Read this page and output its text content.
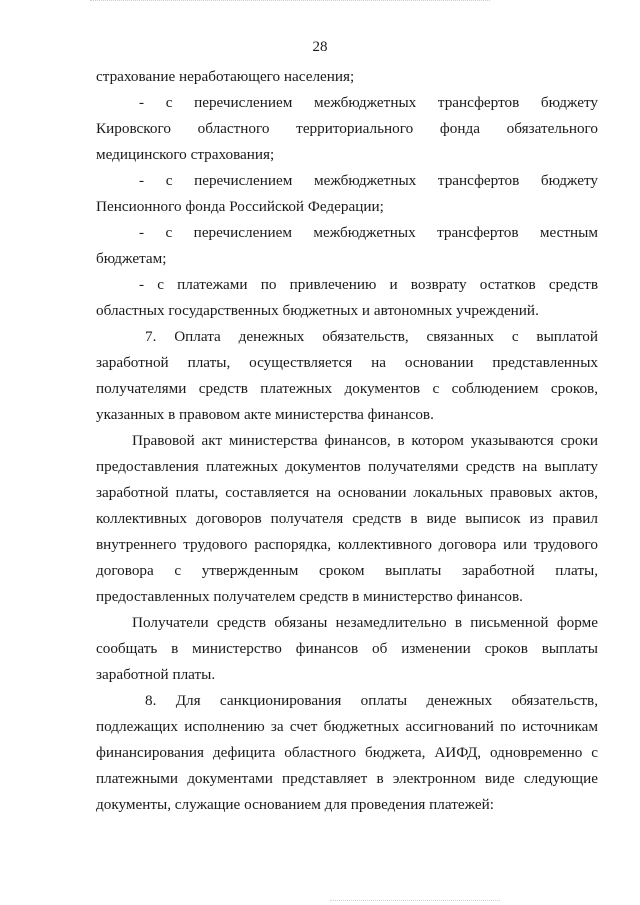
28
страхование неработающего населения;
- с перечислением межбюджетных трансфертов бюджету
Кировского областного территориального фонда обязательного
медицинского страхования;
- с перечислением межбюджетных трансфертов бюджету
Пенсионного фонда Российской Федерации;
- с перечислением межбюджетных трансфертов местным
бюджетам;
- с платежами по привлечению и возврату остатков средств
областных государственных бюджетных и автономных учреждений.
7. Оплата денежных обязательств, связанных с выплатой
заработной платы, осуществляется на основании представленных
получателями средств платежных документов с соблюдением сроков,
указанных в правовом акте министерства финансов.
Правовой акт министерства финансов, в котором указываются сроки
предоставления платежных документов получателями средств на выплату
заработной платы, составляется на основании локальных правовых актов,
коллективных договоров получателя средств в виде выписок из правил
внутреннего трудового распорядка, коллективного договора или трудового
договора с утвержденным сроком выплаты заработной платы,
предоставленных получателем средств в министерство финансов.
Получатели средств обязаны незамедлительно в письменной форме
сообщать в министерство финансов об изменении сроков выплаты
заработной платы.
8. Для санкционирования оплаты денежных обязательств,
подлежащих исполнению за счет бюджетных ассигнований по источникам
финансирования дефицита областного бюджета, АИФД, одновременно с
платежными документами представляет в электронном виде следующие
документы, служащие основанием для проведения платежей:
